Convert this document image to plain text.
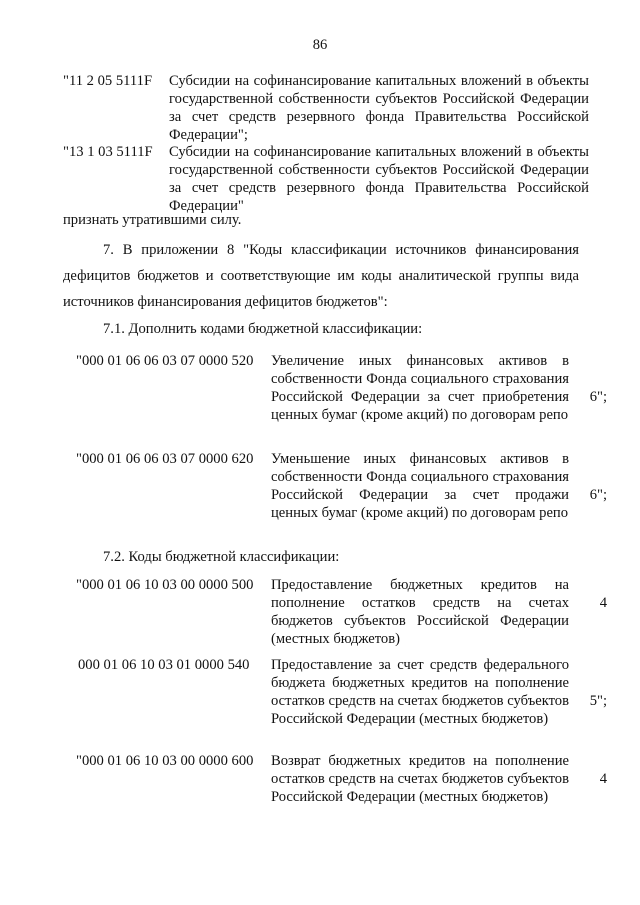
86
"11 2 05 5111F Субсидии на софинансирование капитальных вложений в объекты государственной собственности субъектов Российской Федерации за счет средств резервного фонда Правительства Российской Федерации";
"13 1 03 5111F Субсидии на софинансирование капитальных вложений в объекты государственной собственности субъектов Российской Федерации за счет средств резервного фонда Правительства Российской Федерации"
признать утратившими силу.
7. В приложении 8 "Коды классификации источников финансирования дефицитов бюджетов и соответствующие им коды аналитической группы вида источников финансирования дефицитов бюджетов":
7.1. Дополнить кодами бюджетной классификации:
"000 01 06 06 03 07 0000 520 Увеличение иных финансовых активов в собственности Фонда социального страхования Российской Федерации за счет приобретения ценных бумаг (кроме акций) по договорам репо
6";
"000 01 06 06 03 07 0000 620 Уменьшение иных финансовых активов в собственности Фонда социального страхования Российской Федерации за счет продажи ценных бумаг (кроме акций) по договорам репо
6";
7.2. Коды бюджетной классификации:
"000 01 06 10 03 00 0000 500 Предоставление бюджетных кредитов на пополнение остатков средств на счетах бюджетов субъектов Российской Федерации (местных бюджетов)
4
000 01 06 10 03 01 0000 540 Предоставление за счет средств федерального бюджета бюджетных кредитов на пополнение остатков средств на счетах бюджетов субъектов Российской Федерации (местных бюджетов)
5";
"000 01 06 10 03 00 0000 600 Возврат бюджетных кредитов на пополнение остатков средств на счетах бюджетов субъектов Российской Федерации (местных бюджетов)
4
